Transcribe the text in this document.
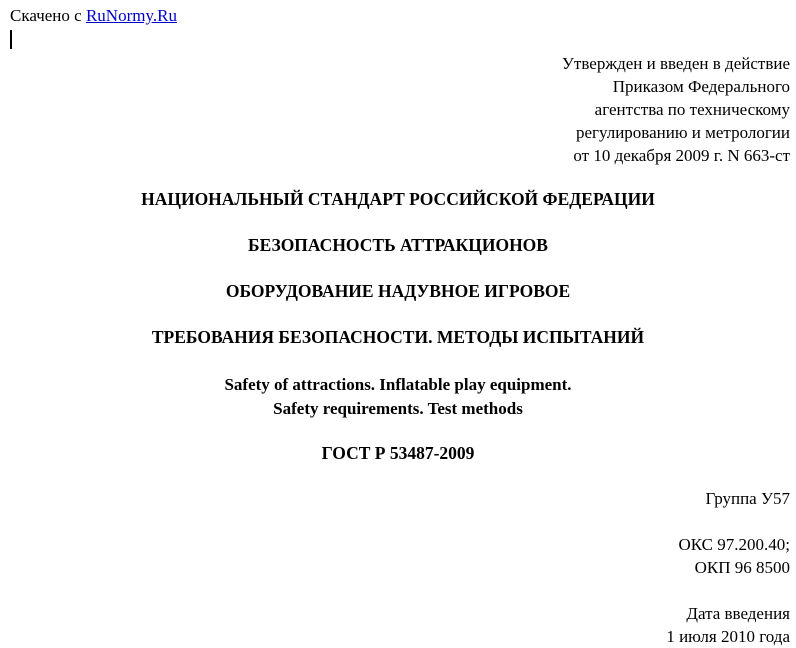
Скачено с RuNormy.Ru
Утвержден и введен в действие
Приказом Федерального
агентства по техническому
регулированию и метрологии
от 10 декабря 2009 г. N 663-ст
НАЦИОНАЛЬНЫЙ СТАНДАРТ РОССИЙСКОЙ ФЕДЕРАЦИИ
БЕЗОПАСНОСТЬ АТТРАКЦИОНОВ
ОБОРУДОВАНИЕ НАДУВНОЕ ИГРОВОЕ
ТРЕБОВАНИЯ БЕЗОПАСНОСТИ. МЕТОДЫ ИСПЫТАНИЙ
Safety of attractions. Inflatable play equipment.
Safety requirements. Test methods
ГОСТ Р 53487-2009
Группа У57
ОКС 97.200.40;
ОКП 96 8500
Дата введения
1 июля 2010 года
